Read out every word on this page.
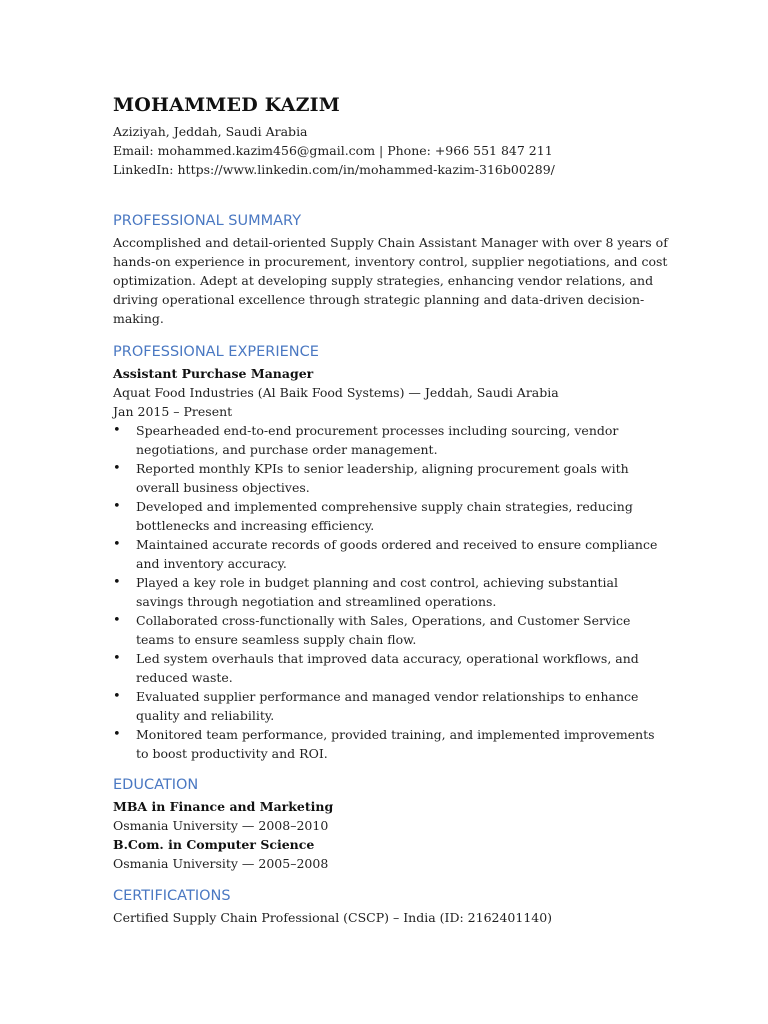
MOHAMMED KAZIM

Aziziyah, Jeddah, Saudi Arabia

Email: mohammed.kazim456@gmail.com | Phone: +966 551 847 211

LinkedIn: https://www.linkedin.com/in/mohammed-kazim-316b00289/

PROFESSIONAL SUMMARY

Accomplished and detail-oriented Supply Chain Assistant Manager with over 8 years of hands-on experience in procurement, inventory control, supplier negotiations, and cost optimization. Adept at developing supply strategies, enhancing vendor relations, and driving operational excellence through strategic planning and data-driven decision-making.

PROFESSIONAL EXPERIENCE

Assistant Purchase Manager

Aquat Food Industries (Al Baik Food Systems) — Jeddah, Saudi Arabia

Jan 2015 – Present

• Spearheaded end-to-end procurement processes including sourcing, vendor negotiations, and purchase order management.
• Reported monthly KPIs to senior leadership, aligning procurement goals with overall business objectives.
• Developed and implemented comprehensive supply chain strategies, reducing bottlenecks and increasing efficiency.
• Maintained accurate records of goods ordered and received to ensure compliance and inventory accuracy.
• Played a key role in budget planning and cost control, achieving substantial savings through negotiation and streamlined operations.
• Collaborated cross-functionally with Sales, Operations, and Customer Service teams to ensure seamless supply chain flow.
• Led system overhauls that improved data accuracy, operational workflows, and reduced waste.
• Evaluated supplier performance and managed vendor relationships to enhance quality and reliability.
• Monitored team performance, provided training, and implemented improvements to boost productivity and ROI.
EDUCATION

MBA in Finance and Marketing

Osmania University — 2008–2010

B.Com. in Computer Science

Osmania University — 2005–2008

CERTIFICATIONS

Certified Supply Chain Professional (CSCP) – India (ID: 2162401140)
